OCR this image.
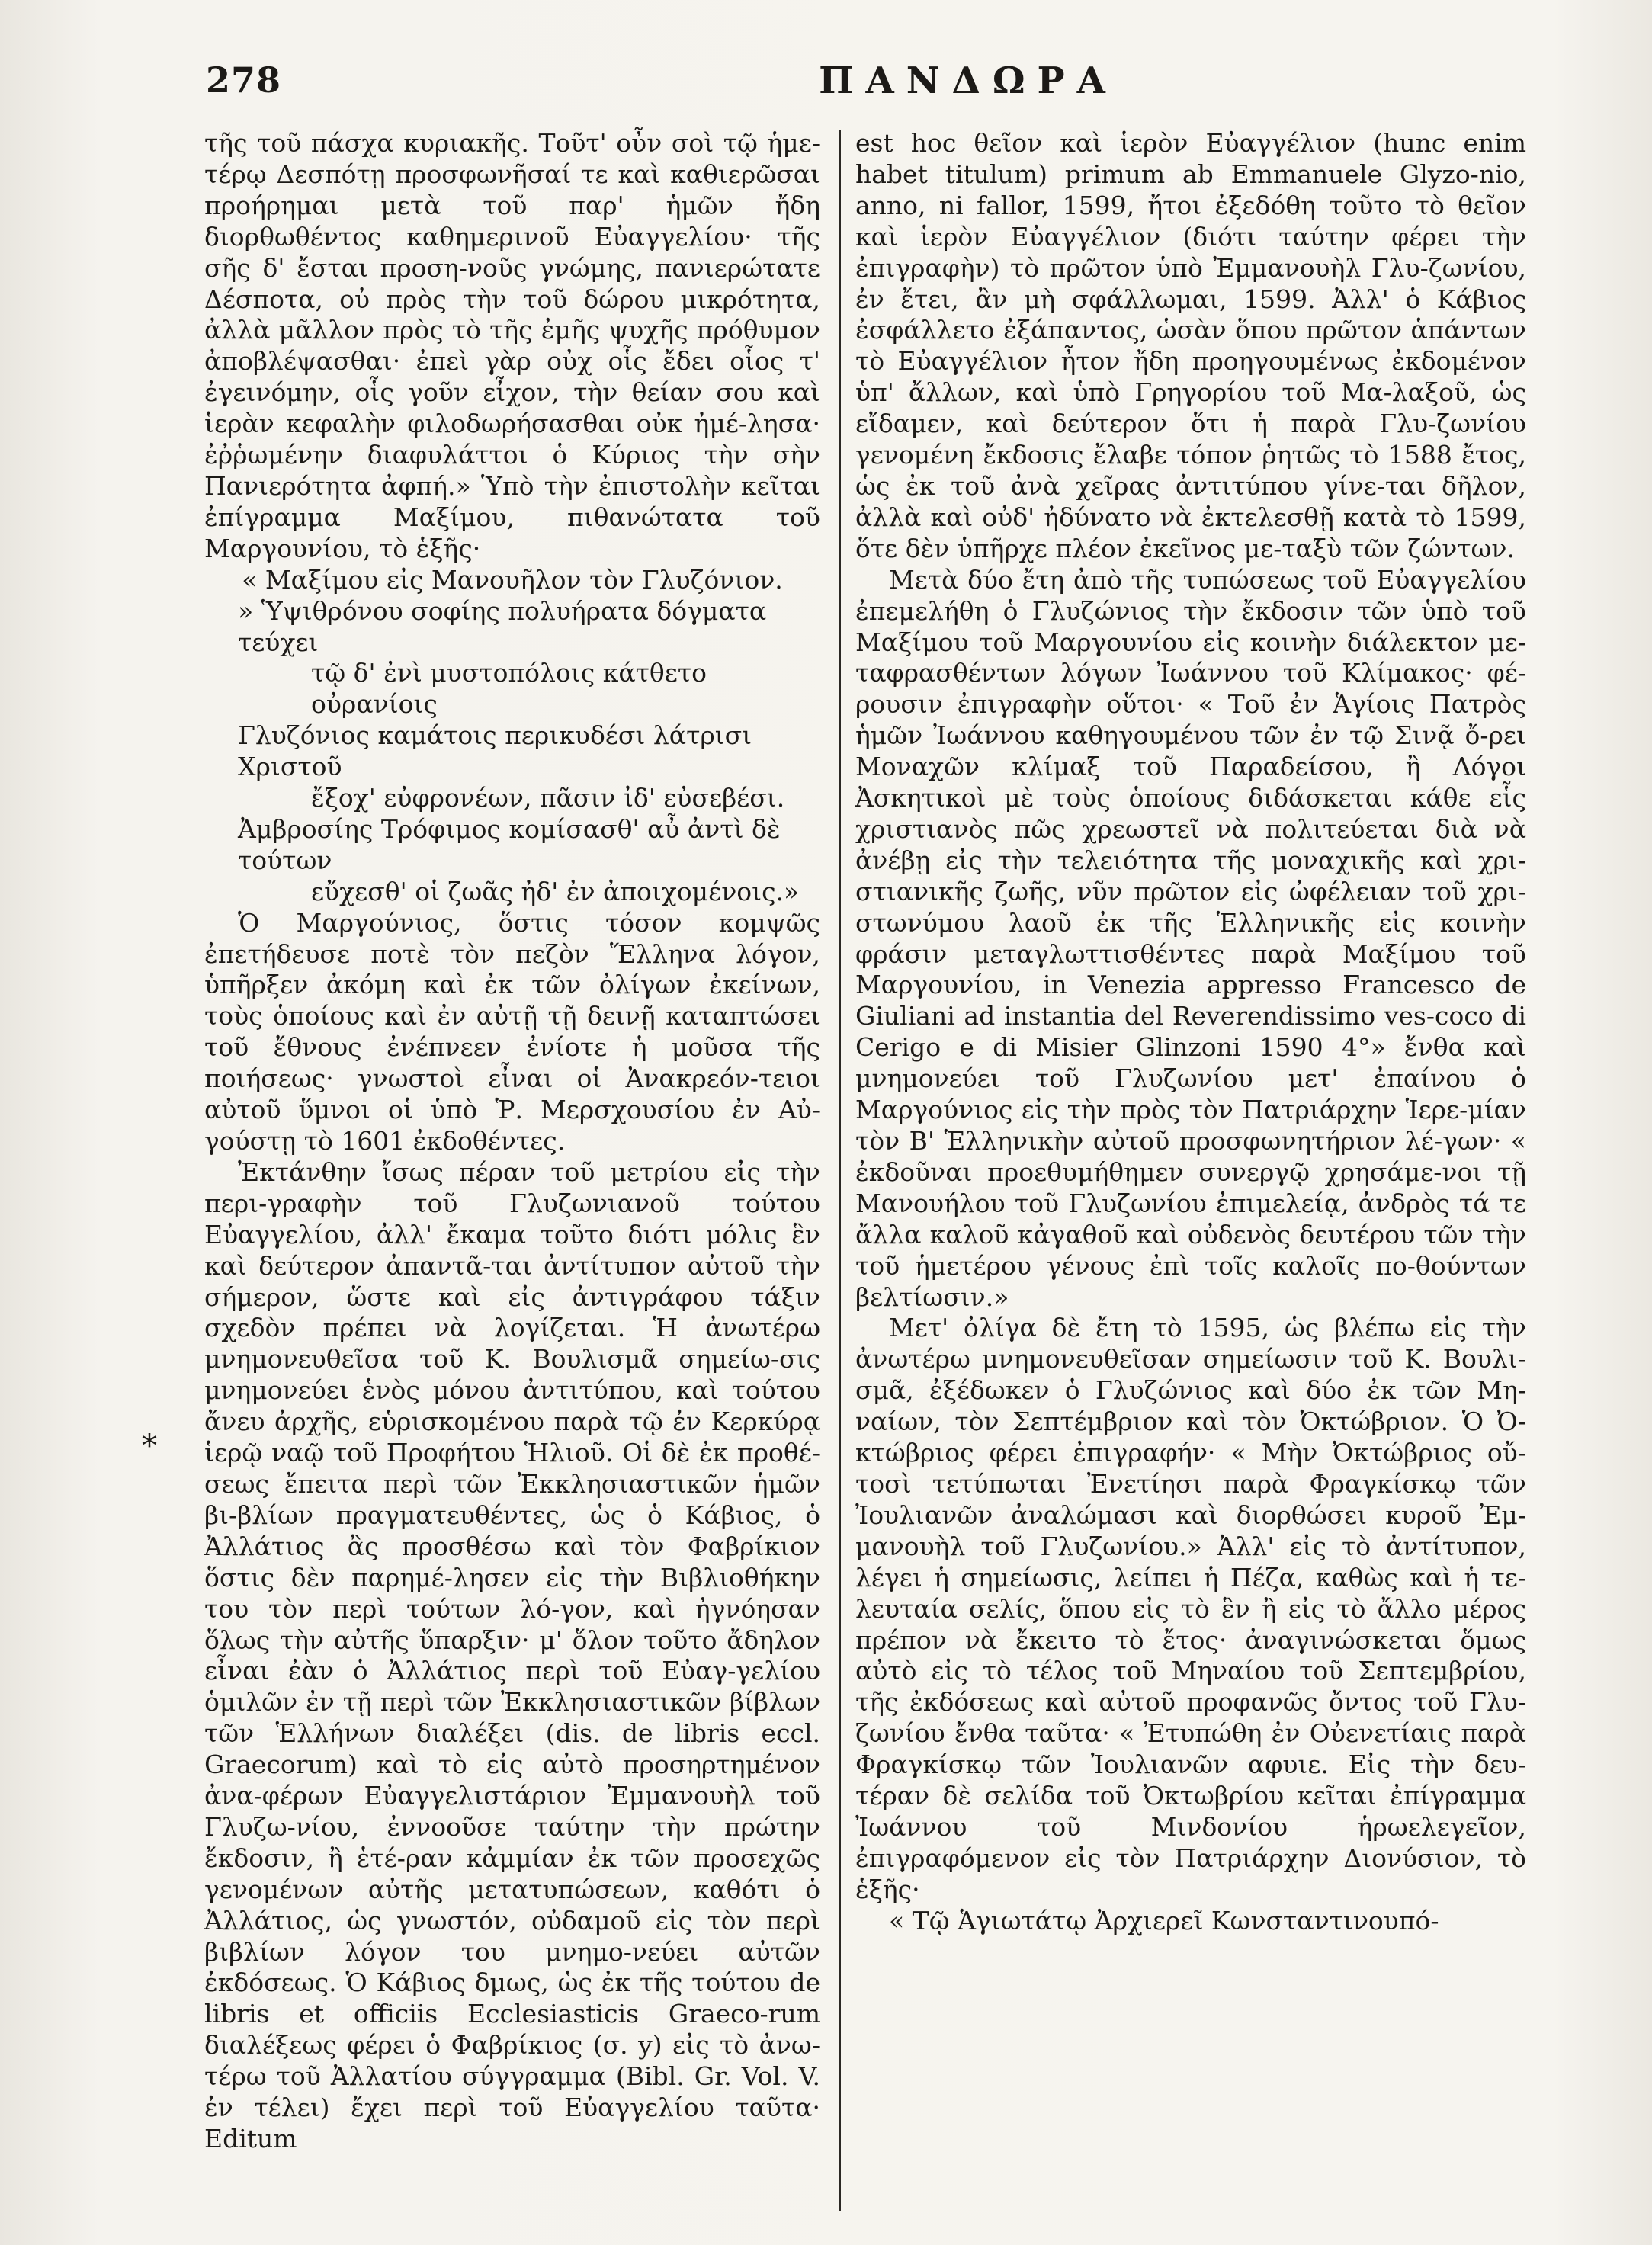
278	ΠΑΝΔΩΡΑ
*

τῆς τοῦ πάσχα κυριακῆς. Τοῦτ' οὖν σοὶ τῷ ἡμε-τέρῳ Δεσπότῃ προσφωνῆσαί τε καὶ καθιερῶσαι προήρημαι μετὰ τοῦ παρ' ἡμῶν ἤδη διορθωθέντος καθημερινοῦ Εὐαγγελίου· τῆς σῆς δ' ἔσται προση-νοῦς γνώμης, πανιερώτατε Δέσποτα, οὐ πρὸς τὴν τοῦ δώρου μικρότητα, ἀλλὰ μᾶλλον πρὸς τὸ τῆς ἐμῆς ψυχῆς πρόθυμον ἀποβλέψασθαι· ἐπεὶ γὰρ οὐχ οἷς ἔδει οἷος τ' ἐγεινόμην, οἷς γοῦν εἶχον, τὴν θείαν σου καὶ ἱερὰν κεφαλὴν φιλοδωρήσασθαι οὐκ ἠμέ-λησα· ἐῤῥωμένην διαφυλάττοι ὁ Κύριος τὴν σὴν Πανιερότητα ἀφπή.» Ὑπὸ τὴν ἐπιστολὴν κεῖται ἐπίγραμμα Μαξίμου, πιθανώτατα τοῦ Μαργουνίου, τὸ ἑξῆς·

« Μαξίμου εἰς Μανουῆλον τὸν Γλυζόνιον.

» Ὑψιθρόνου σοφίης πολυήρατα δόγματα τεύχει

τῷ δ' ἐνὶ μυστοπόλοις κάτθετο οὐρανίοις

Γλυζόνιος καμάτοις περικυδέσι λάτρισι Χριστοῦ

ἔξοχ' εὐφρονέων, πᾶσιν ἰδ' εὐσεβέσι.

Ἀμβροσίης Τρόφιμος κομίσασθ' αὖ ἀντὶ δὲ τούτων

εὔχεσθ' οἱ ζωᾶς ἠδ' ἐν ἀποιχομένοις.»

Ὁ Μαργούνιος, ὅστις τόσον κομψῶς ἐπετήδευσε ποτὲ τὸν πεζὸν Ἕλληνα λόγον, ὑπῆρξεν ἀκόμη καὶ ἐκ τῶν ὀλίγων ἐκείνων, τοὺς ὁποίους καὶ ἐν αὐτῇ τῇ δεινῇ καταπτώσει τοῦ ἔθνους ἐνέπνεεν ἐνίοτε ἡ μοῦσα τῆς ποιήσεως· γνωστοὶ εἶναι οἱ Ἀνακρεόν-τειοι αὐτοῦ ὕμνοι οἱ ὑπὸ Ῥ. Μερσχουσίου ἐν Αὐ-γούστῃ τὸ 1601 ἐκδοθέντες.

Ἐκτάνθην ἴσως πέραν τοῦ μετρίου εἰς τὴν περι-γραφὴν τοῦ Γλυζωνιανοῦ τούτου Εὐαγγελίου, ἀλλ' ἔκαμα τοῦτο διότι μόλις ἓν καὶ δεύτερον ἀπαντᾶ-ται ἀντίτυπον αὐτοῦ τὴν σήμερον, ὥστε καὶ εἰς ἀντιγράφου τάξιν σχεδὸν πρέπει νὰ λογίζεται. Ἡ ἀνωτέρω μνημονευθεῖσα τοῦ Κ. Βουλισμᾶ σημείω-σις μνημονεύει ἑνὸς μόνου ἀντιτύπου, καὶ τούτου ἄνευ ἀρχῆς, εὑρισκομένου παρὰ τῷ ἐν Κερκύρᾳ ἱερῷ ναῷ τοῦ Προφήτου Ἡλιοῦ. Οἱ δὲ ἐκ προθέ-σεως ἔπειτα περὶ τῶν Ἐκκλησιαστικῶν ἡμῶν βι-βλίων πραγματευθέντες, ὡς ὁ Κάβιος, ὁ Ἀλλάτιος ἂς προσθέσω καὶ τὸν Φαβρίκιον ὅστις δὲν παρημέ-λησεν εἰς τὴν Βιβλιοθήκην του τὸν περὶ τούτων λό-γον, καὶ ἠγνόησαν ὅλως τὴν αὐτῆς ὕπαρξιν· μ' ὅλον τοῦτο ἄδηλον εἶναι ἐὰν ὁ Ἀλλάτιος περὶ τοῦ Εὐαγ-γελίου ὁμιλῶν ἐν τῇ περὶ τῶν Ἐκκλησιαστικῶν βίβλων τῶν Ἑλλήνων διαλέξει (dis. de libris eccl. Graecorum) καὶ τὸ εἰς αὐτὸ προσηρτημένον ἀνα-φέρων Εὐαγγελιστάριον Ἐμμανουὴλ τοῦ Γλυζω-νίου, ἐννοοῦσε ταύτην τὴν πρώτην ἔκδοσιν, ἢ ἑτέ-ραν κἀμμίαν ἐκ τῶν προσεχῶς γενομένων αὐτῆς μετατυπώσεων, καθότι ὁ Ἀλλάτιος, ὡς γνωστόν, οὐδαμοῦ εἰς τὸν περὶ βιβλίων λόγον του μνημο-νεύει αὐτῶν ἐκδόσεως. Ὁ Κάβιος δμως, ὡς ἐκ τῆς τούτου de libris et officiis Ecclesiasticis Graeco-rum διαλέξεως φέρει ὁ Φαβρίκιος (σ. y) εἰς τὸ ἀνω-τέρω τοῦ Ἀλλατίου σύγγραμμα (Bibl. Gr. Vol. V. ἐν τέλει) ἔχει περὶ τοῦ Εὐαγγελίου ταῦτα· Editum

est hoc θεῖον καὶ ἱερὸν Εὐαγγέλιον (hunc enim habet titulum) primum ab Emmanuele Glyzo-nio, anno, ni fallor, 1599, ἤτοι ἐξεδόθη τοῦτο τὸ θεῖον καὶ ἱερὸν Εὐαγγέλιον (διότι ταύτην φέρει τὴν ἐπιγραφὴν) τὸ πρῶτον ὑπὸ Ἐμμανουὴλ Γλυ-ζωνίου, ἐν ἔτει, ἂν μὴ σφάλλωμαι, 1599. Ἀλλ' ὁ Κάβιος ἐσφάλλετο ἐξάπαντος, ὡσὰν ὅπου πρῶτον ἁπάντων τὸ Εὐαγγέλιον ἦτον ἤδη προηγουμένως ἐκδομένον ὑπ' ἄλλων, καὶ ὑπὸ Γρηγορίου τοῦ Μα-λαξοῦ, ὡς εἴδαμεν, καὶ δεύτερον ὅτι ἡ παρὰ Γλυ-ζωνίου γενομένη ἔκδοσις ἔλαβε τόπον ῥητῶς τὸ 1588 ἔτος, ὡς ἐκ τοῦ ἀνὰ χεῖρας ἀντιτύπου γίνε-ται δῆλον, ἀλλὰ καὶ οὐδ' ἠδύνατο νὰ ἐκτελεσθῇ κατὰ τὸ 1599, ὅτε δὲν ὑπῆρχε πλέον ἐκεῖνος με-ταξὺ τῶν ζώντων.

Μετὰ δύο ἔτη ἀπὸ τῆς τυπώσεως τοῦ Εὐαγγελίου ἐπεμελήθη ὁ Γλυζώνιος τὴν ἔκδοσιν τῶν ὑπὸ τοῦ Μαξίμου τοῦ Μαργουνίου εἰς κοινὴν διάλεκτον με-ταφρασθέντων λόγων Ἰωάννου τοῦ Κλίμακος· φέ-ρουσιν ἐπιγραφὴν οὕτοι· « Τοῦ ἐν Ἁγίοις Πατρὸς ἡμῶν Ἰωάννου καθηγουμένου τῶν ἐν τῷ Σινᾷ ὄ-ρει Μοναχῶν κλίμαξ τοῦ Παραδείσου, ἢ Λόγοι Ἀσκητικοὶ μὲ τοὺς ὁποίους διδάσκεται κάθε εἷς χριστιανὸς πῶς χρεωστεῖ νὰ πολιτεύεται διὰ νὰ ἀνέβῃ εἰς τὴν τελειότητα τῆς μοναχικῆς καὶ χρι-στιανικῆς ζωῆς, νῦν πρῶτον εἰς ὠφέλειαν τοῦ χρι-στωνύμου λαοῦ ἐκ τῆς Ἑλληνικῆς εἰς κοινὴν φράσιν μεταγλωττισθέντες παρὰ Μαξίμου τοῦ Μαργουνίου, in Venezia appresso Francesco de Giuliani ad instantia del Reverendissimo ves-coco di Cerigo e di Misier Glinzoni 1590 4°» ἔνθα καὶ μνημονεύει τοῦ Γλυζωνίου μετ' ἐπαίνου ὁ Μαργούνιος εἰς τὴν πρὸς τὸν Πατριάρχην Ἱερε-μίαν τὸν Β' Ἑλληνικὴν αὐτοῦ προσφωνητήριον λέ-γων· « ἐκδοῦναι προεθυμήθημεν συνεργῷ χρησάμε-νοι τῇ Μανουήλου τοῦ Γλυζωνίου ἐπιμελείᾳ, ἀνδρὸς τά τε ἄλλα καλοῦ κἀγαθοῦ καὶ οὐδενὸς δευτέρου τῶν τὴν τοῦ ἡμετέρου γένους ἐπὶ τοῖς καλοῖς πο-θούντων βελτίωσιν.»

Μετ' ὀλίγα δὲ ἔτη τὸ 1595, ὡς βλέπω εἰς τὴν ἀνωτέρω μνημονευθεῖσαν σημείωσιν τοῦ Κ. Βουλι-σμᾶ, ἐξέδωκεν ὁ Γλυζώνιος καὶ δύο ἐκ τῶν Μη-ναίων, τὸν Σεπτέμβριον καὶ τὸν Ὀκτώβριον. Ὁ Ὀ-κτώβριος φέρει ἐπιγραφήν· « Μὴν Ὀκτώβριος οὔ-τοσὶ τετύπωται Ἐνετίησι παρὰ Φραγκίσκῳ τῶν Ἰουλιανῶν ἀναλώμασι καὶ διορθώσει κυροῦ Ἐμ-μανουὴλ τοῦ Γλυζωνίου.» Ἀλλ' εἰς τὸ ἀντίτυπον, λέγει ἡ σημείωσις, λείπει ἡ Πέζα, καθὼς καὶ ἡ τε-λευταία σελίς, ὅπου εἰς τὸ ἓν ἢ εἰς τὸ ἄλλο μέρος πρέπον νὰ ἔκειτο τὸ ἔτος· ἀναγινώσκεται ὅμως αὐτὸ εἰς τὸ τέλος τοῦ Μηναίου τοῦ Σεπτεμβρίου, τῆς ἐκδόσεως καὶ αὐτοῦ προφανῶς ὄντος τοῦ Γλυ-ζωνίου ἔνθα ταῦτα· « Ἐτυπώθη ἐν Οὐενετίαις παρὰ Φραγκίσκῳ τῶν Ἰουλιανῶν αφυιε. Εἰς τὴν δευ-τέραν δὲ σελίδα τοῦ Ὀκτωβρίου κεῖται ἐπίγραμμα Ἰωάννου τοῦ Μινδονίου ἡρωελεγεῖον, ἐπιγραφόμενον εἰς τὸν Πατριάρχην Διονύσιον, τὸ ἑξῆς·

« Τῷ Ἁγιωτάτῳ Ἀρχιερεῖ Κωνσταντινουπό-
